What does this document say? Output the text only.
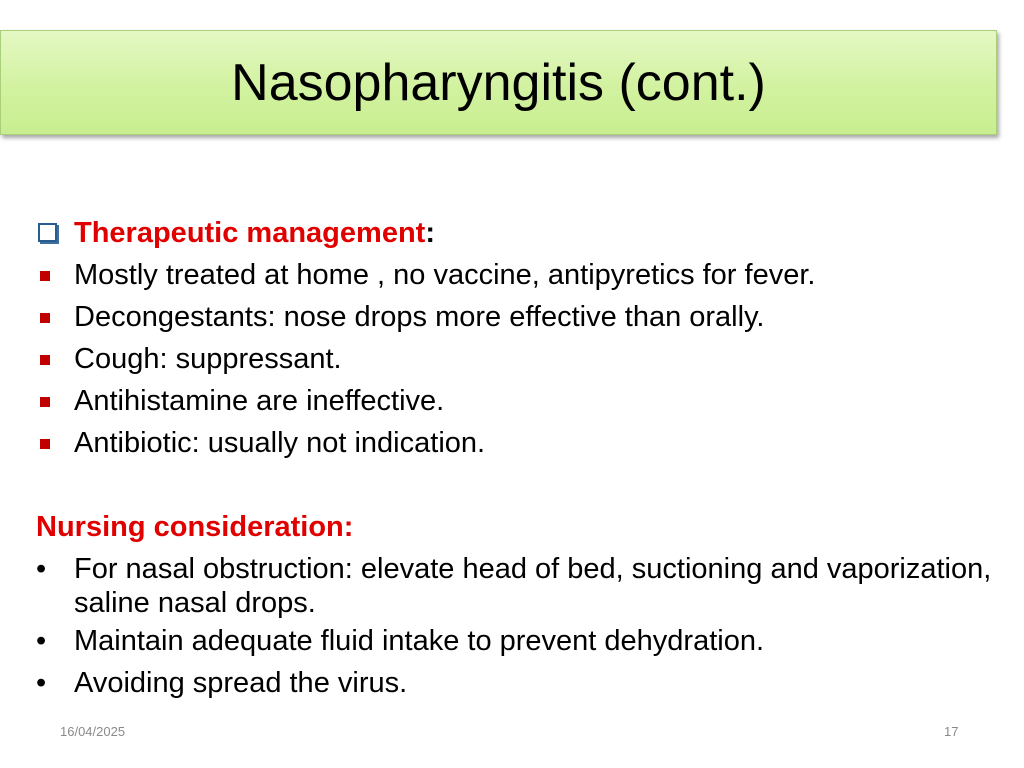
Nasopharyngitis (cont.)
Therapeutic management:
Mostly treated at home , no vaccine, antipyretics for fever.
Decongestants: nose drops more effective than orally.
Cough: suppressant.
Antihistamine are ineffective.
Antibiotic: usually not indication.
Nursing consideration:
• For nasal obstruction: elevate head of bed, suctioning and vaporization, saline nasal drops.
• Maintain adequate fluid intake to prevent dehydration.
• Avoiding spread the virus.
16/04/2025	17
